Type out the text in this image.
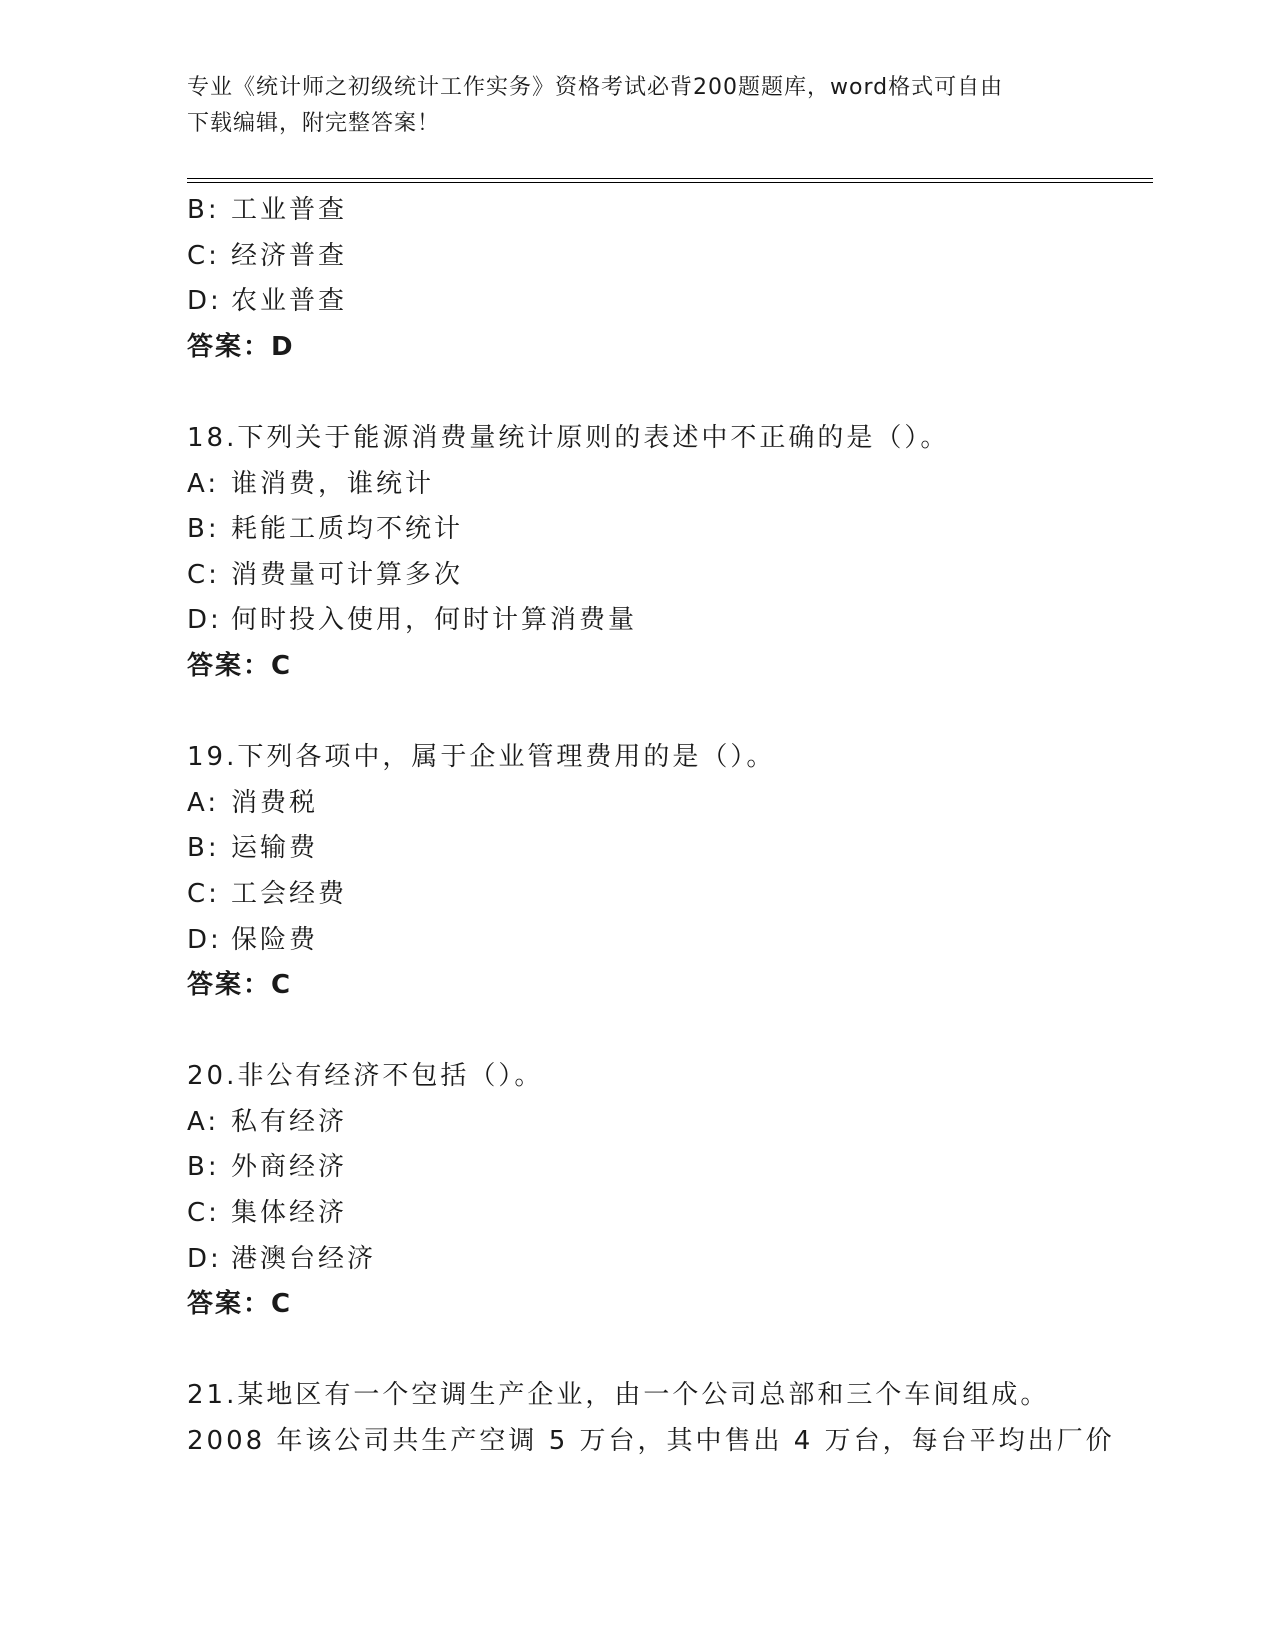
专业《统计师之初级统计工作实务》资格考试必背200题题库，word格式可自由
下载编辑，附完整答案！
B: 工业普查
C: 经济普查
D: 农业普查
答案：D
18.下列关于能源消费量统计原则的表述中不正确的是（）。
A: 谁消费，谁统计
B: 耗能工质均不统计
C: 消费量可计算多次
D: 何时投入使用，何时计算消费量
答案：C
19.下列各项中，属于企业管理费用的是（）。
A: 消费税
B: 运输费
C: 工会经费
D: 保险费
答案：C
20.非公有经济不包括（）。
A: 私有经济
B: 外商经济
C: 集体经济
D: 港澳台经济
答案：C
21.某地区有一个空调生产企业，由一个公司总部和三个车间组成。
2008 年该公司共生产空调 5 万台，其中售出 4 万台，每台平均出厂价
